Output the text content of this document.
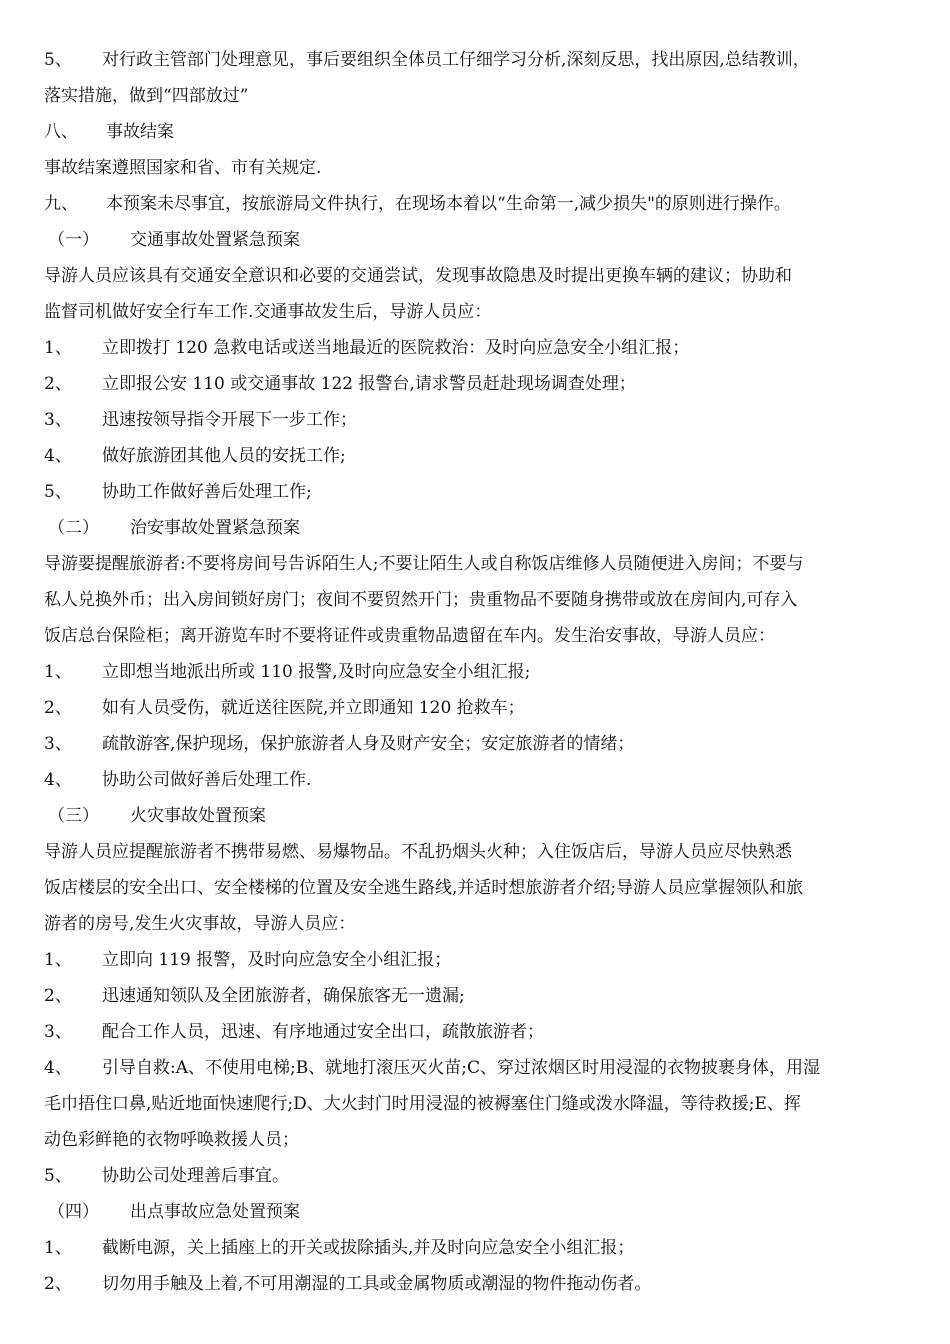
5、	对行政主管部门处理意见，事后要组织全体员工仔细学习分析,深刻反思，找出原因,总结教训，
落实措施，做到“四部放过”
八、	事故结案
事故结案遵照国家和省、市有关规定.
九、	本预案未尽事宜，按旅游局文件执行，在现场本着以“生命第一,减少损失"的原则进行操作。
（一）	交通事故处置紧急预案
导游人员应该具有交通安全意识和必要的交通尝试，发现事故隐患及时提出更换车辆的建议；协助和
监督司机做好安全行车工作.交通事故发生后，导游人员应：
1、	立即拨打 120 急救电话或送当地最近的医院救治：及时向应急安全小组汇报；
2、	立即报公安 110 或交通事故 122 报警台,请求警员赶赴现场调查处理；
3、	迅速按领导指令开展下一步工作；
4、	做好旅游团其他人员的安抚工作;
5、	协助工作做好善后处理工作;
（二）	治安事故处置紧急预案
导游要提醒旅游者:不要将房间号告诉陌生人;不要让陌生人或自称饭店维修人员随便进入房间；不要与
私人兑换外币；出入房间锁好房门；夜间不要贸然开门；贵重物品不要随身携带或放在房间内,可存入
饭店总台保险柜；离开游览车时不要将证件或贵重物品遗留在车内。发生治安事故，导游人员应：
1、	立即想当地派出所或 110 报警,及时向应急安全小组汇报;
2、	如有人员受伤，就近送往医院,并立即通知 120 抢救车；
3、	疏散游客,保护现场，保护旅游者人身及财产安全；安定旅游者的情绪；
4、	协助公司做好善后处理工作.
（三）	火灾事故处置预案
导游人员应提醒旅游者不携带易燃、易爆物品。不乱扔烟头火种；入住饭店后，导游人员应尽快熟悉
饭店楼层的安全出口、安全楼梯的位置及安全逃生路线,并适时想旅游者介绍;导游人员应掌握领队和旅
游者的房号,发生火灾事故，导游人员应：
1、	立即向 119 报警，及时向应急安全小组汇报；
2、	迅速通知领队及全团旅游者，确保旅客无一遗漏;
3、	配合工作人员，迅速、有序地通过安全出口，疏散旅游者；
4、	引导自救:A、不使用电梯;B、就地打滚压灭火苗;C、穿过浓烟区时用浸湿的衣物披裹身体，用湿
毛巾捂住口鼻,贴近地面快速爬行;D、大火封门时用浸湿的被褥塞住门缝或泼水降温，等待救援;E、挥
动色彩鲜艳的衣物呼唤救援人员；
5、	协助公司处理善后事宜。
（四）	出点事故应急处置预案
1、	截断电源，关上插座上的开关或拔除插头,并及时向应急安全小组汇报；
2、	切勿用手触及上着,不可用潮湿的工具或金属物质或潮湿的物件拖动伤者。
